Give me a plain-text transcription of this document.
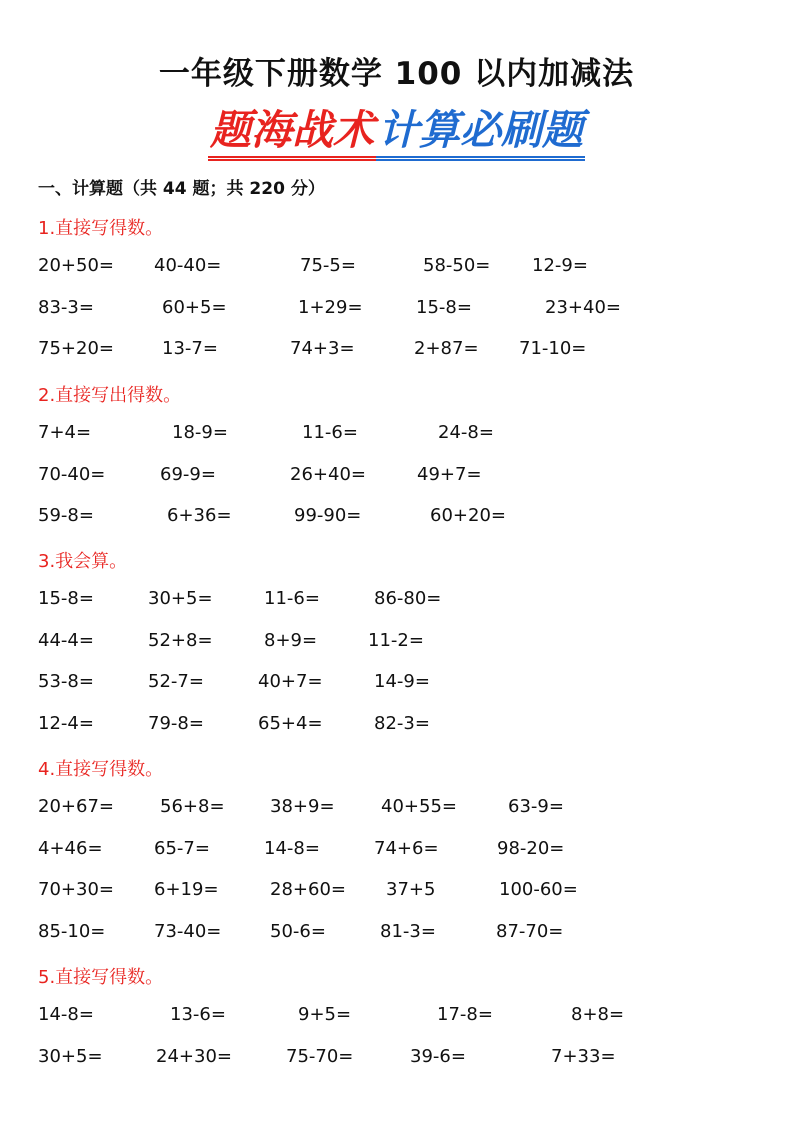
一年级下册数学 100 以内加减法
题海战术计算必刷题
一、计算题（共 44 题；共 220 分）
1.直接写得数。
20+50= 40-40=	75-5=	58-50= 12-9=
83-3=	60+5=	1+29=	15-8=	23+40=
75+20=	13-7=	74+3=	2+87= 71-10=
2.直接写出得数。
7+4=	18-9=	11-6=	24-8=
70-40=	69-9=	26+40=	49+7=
59-8=	6+36=	99-90=	60+20=
3.我会算。
15-8=	30+5=	11-6=	86-80=
44-4=	52+8=	8+9=	11-2=
53-8=	52-7=	40+7=	14-9=
12-4=	79-8=	65+4=	82-3=
4.直接写得数。
20+67=	56+8=	38+9=	40+55=	63-9=
4+46=	65-7=	14-8=	74+6=	98-20=
70+30= 6+19=	28+60= 37+5	100-60=
85-10=	73-40=	50-6=	81-3=	87-70=
5.直接写得数。
14-8=	13-6=	9+5=	17-8=	8+8=
30+5=	24+30=	75-70=	39-6=	7+33=
